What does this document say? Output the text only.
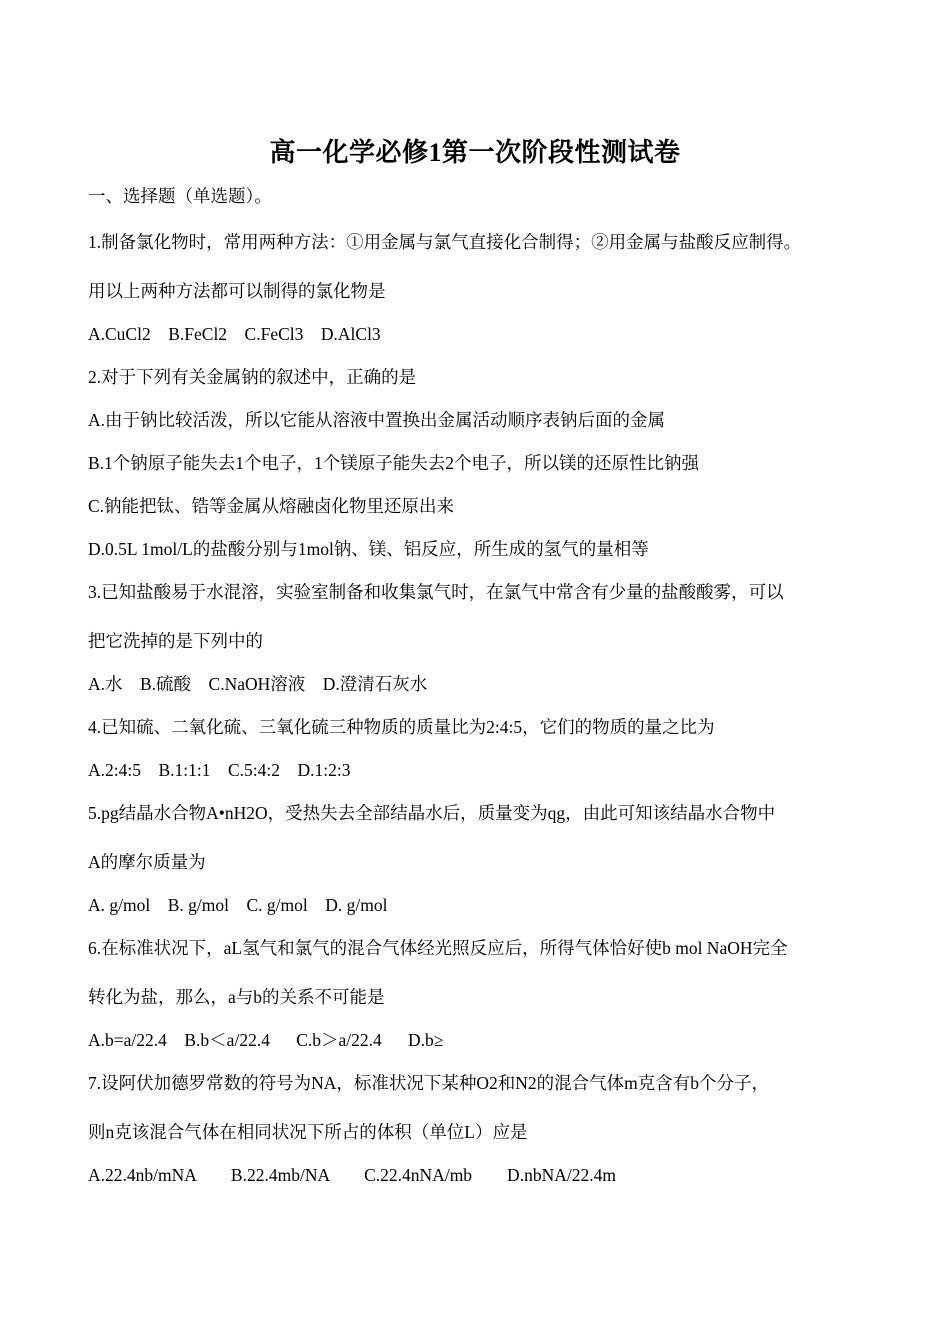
高一化学必修1第一次阶段性测试卷
一、选择题（单选题）。
1.制备氯化物时，常用两种方法：①用金属与氯气直接化合制得；②用金属与盐酸反应制得。
用以上两种方法都可以制得的氯化物是
A.CuCl2    B.FeCl2    C.FeCl3    D.AlCl3
2.对于下列有关金属钠的叙述中，正确的是
A.由于钠比较活泼，所以它能从溶液中置换出金属活动顺序表钠后面的金属
B.1个钠原子能失去1个电子，1个镁原子能失去2个电子，所以镁的还原性比钠强
C.钠能把钛、锆等金属从熔融卤化物里还原出来
D.0.5L 1mol/L的盐酸分别与1mol钠、镁、铝反应，所生成的氢气的量相等
3.已知盐酸易于水混溶，实验室制备和收集氯气时，在氯气中常含有少量的盐酸酸雾，可以
把它洗掉的是下列中的
A.水    B.硫酸    C.NaOH溶液    D.澄清石灰水
4.已知硫、二氧化硫、三氧化硫三种物质的质量比为2:4:5，它们的物质的量之比为
A.2:4:5    B.1:1:1    C.5:4:2    D.1:2:3
5.pg结晶水合物A•nH2O，受热失去全部结晶水后，质量变为qg，由此可知该结晶水合物中
A的摩尔质量为
A. g/mol    B. g/mol    C. g/mol    D. g/mol
6.在标准状况下，aL氢气和氯气的混合气体经光照反应后，所得气体恰好使b mol NaOH完全
转化为盐，那么，a与b的关系不可能是
A.b=a/22.4    B.b＜a/22.4      C.b＞a/22.4      D.b≥
7.设阿伏加德罗常数的符号为NA，标准状况下某种O2和N2的混合气体m克含有b个分子，
则n克该混合气体在相同状况下所占的体积（单位L）应是
A.22.4nb/mNA        B.22.4mb/NA        C.22.4nNA/mb        D.nbNA/22.4m
